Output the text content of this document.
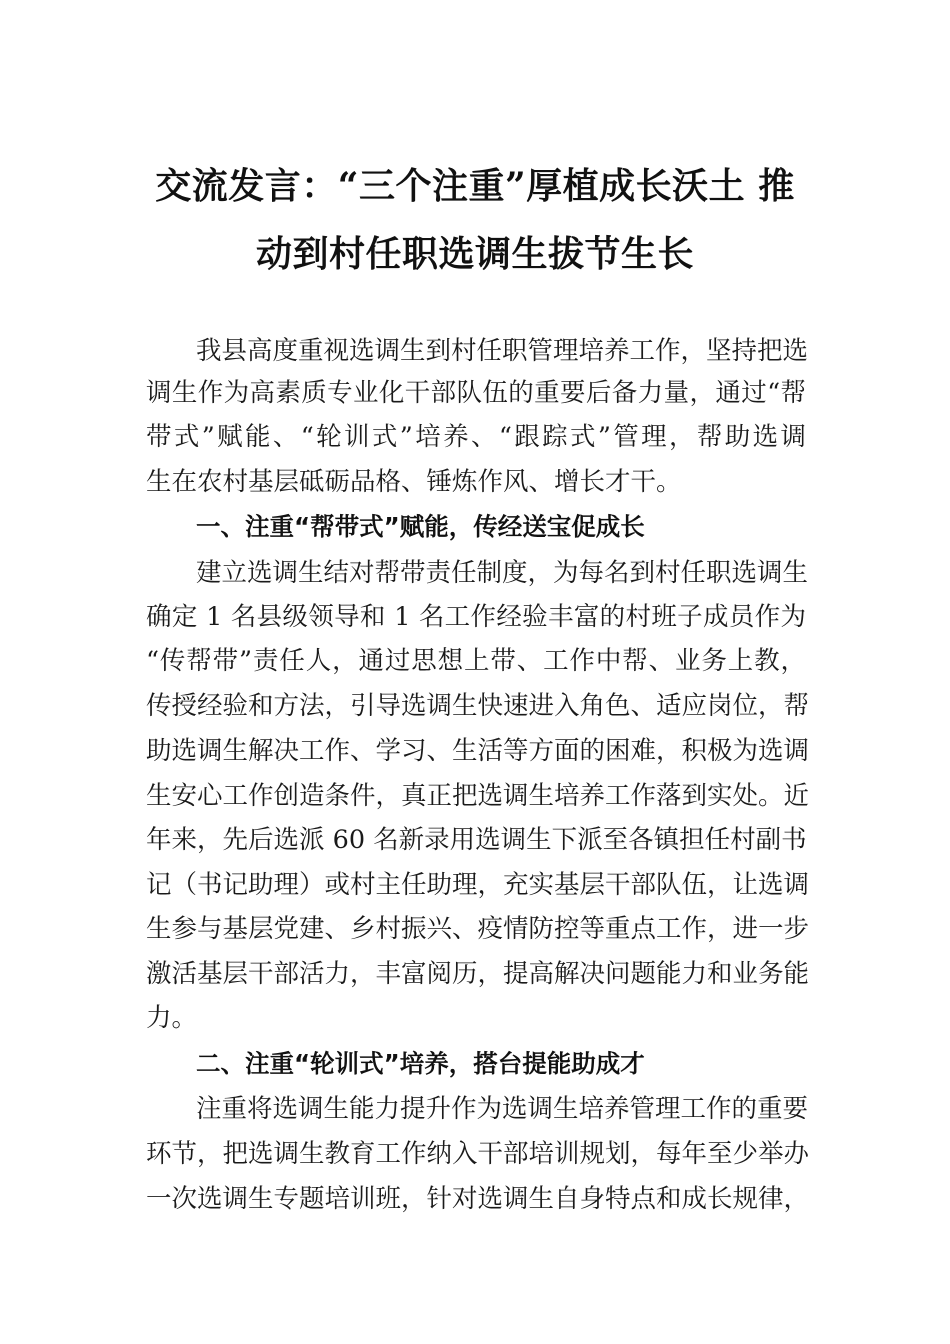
交流发言：“三个注重”厚植成长沃土 推
动到村任职选调生拔节生长
我县高度重视选调生到村任职管理培养工作，坚持把选
调生作为高素质专业化干部队伍的重要后备力量，通过“帮
带式”赋能、“轮训式”培养、“跟踪式”管理，帮助选调
生在农村基层砥砺品格、锤炼作风、增长才干。
一、注重“帮带式”赋能，传经送宝促成长
建立选调生结对帮带责任制度，为每名到村任职选调生
确定 1 名县级领导和 1 名工作经验丰富的村班子成员作为
“传帮带”责任人，通过思想上带、工作中帮、业务上教，
传授经验和方法，引导选调生快速进入角色、适应岗位，帮
助选调生解决工作、学习、生活等方面的困难，积极为选调
生安心工作创造条件，真正把选调生培养工作落到实处。近
年来，先后选派 60 名新录用选调生下派至各镇担任村副书
记（书记助理）或村主任助理，充实基层干部队伍，让选调
生参与基层党建、乡村振兴、疫情防控等重点工作，进一步
激活基层干部活力，丰富阅历，提高解决问题能力和业务能
力。
二、注重“轮训式”培养，搭台提能助成才
注重将选调生能力提升作为选调生培养管理工作的重要
环节，把选调生教育工作纳入干部培训规划，每年至少举办
一次选调生专题培训班，针对选调生自身特点和成长规律，
